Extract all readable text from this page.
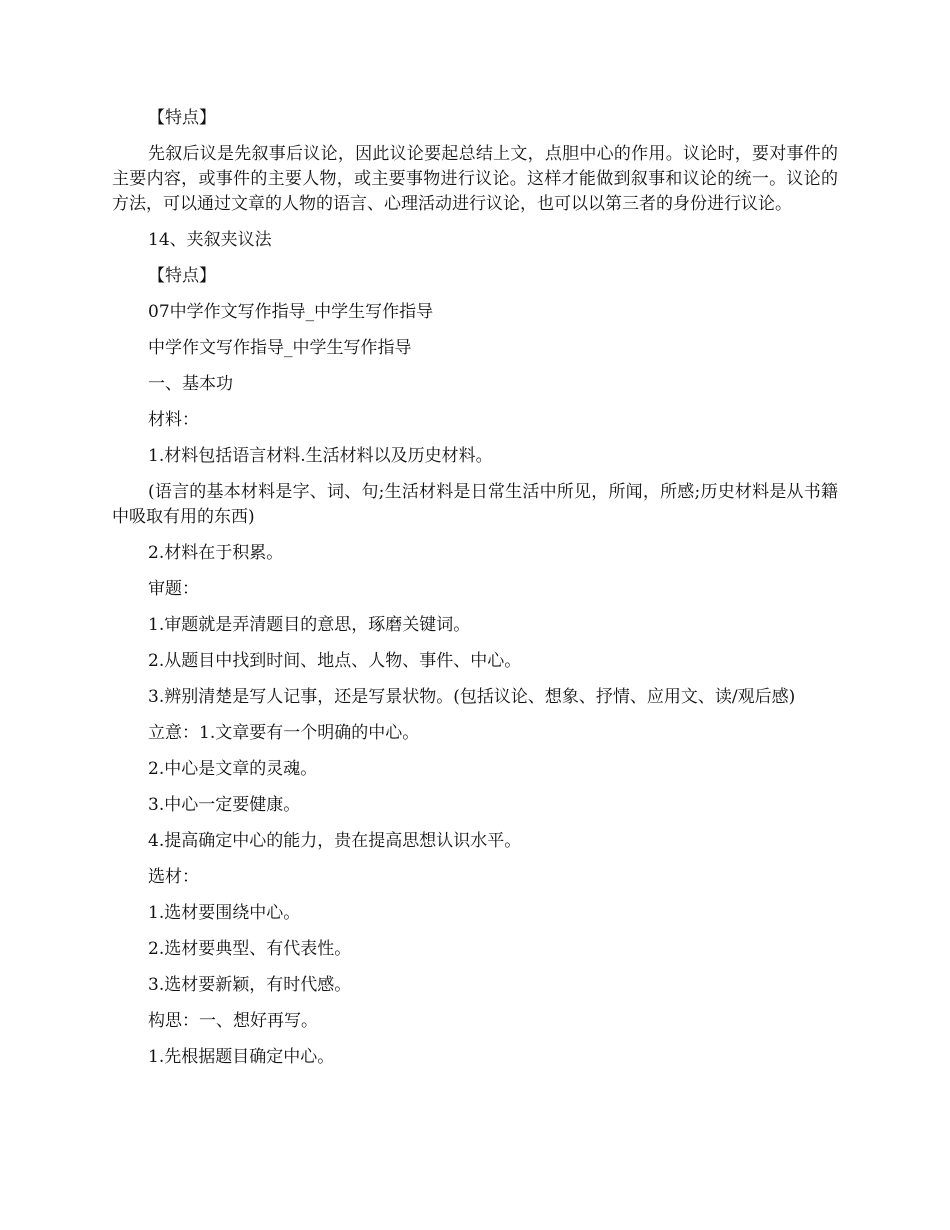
【特点】

先叙后议是先叙事后议论，因此议论要起总结上文，点胆中心的作用。议论时，要对事件的主要内容，或事件的主要人物，或主要事物进行议论。这样才能做到叙事和议论的统一。议论的方法，可以通过文章的人物的语言、心理活动进行议论，也可以以第三者的身份进行议论。

14、夹叙夹议法

【特点】

07中学作文写作指导_中学生写作指导

中学作文写作指导_中学生写作指导

一、基本功

材料：

1.材料包括语言材料.生活材料以及历史材料。

(语言的基本材料是字、词、句;生活材料是日常生活中所见，所闻，所感;历史材料是从书籍中吸取有用的东西)

2.材料在于积累。

审题：

1.审题就是弄清题目的意思，琢磨关键词。

2.从题目中找到时间、地点、人物、事件、中心。

3.辨别清楚是写人记事，还是写景状物。(包括议论、想象、抒情、应用文、读/观后感)

立意：1.文章要有一个明确的中心。

2.中心是文章的灵魂。

3.中心一定要健康。

4.提高确定中心的能力，贵在提高思想认识水平。

选材：

1.选材要围绕中心。

2.选材要典型、有代表性。

3.选材要新颖，有时代感。

构思：一、想好再写。

1.先根据题目确定中心。
